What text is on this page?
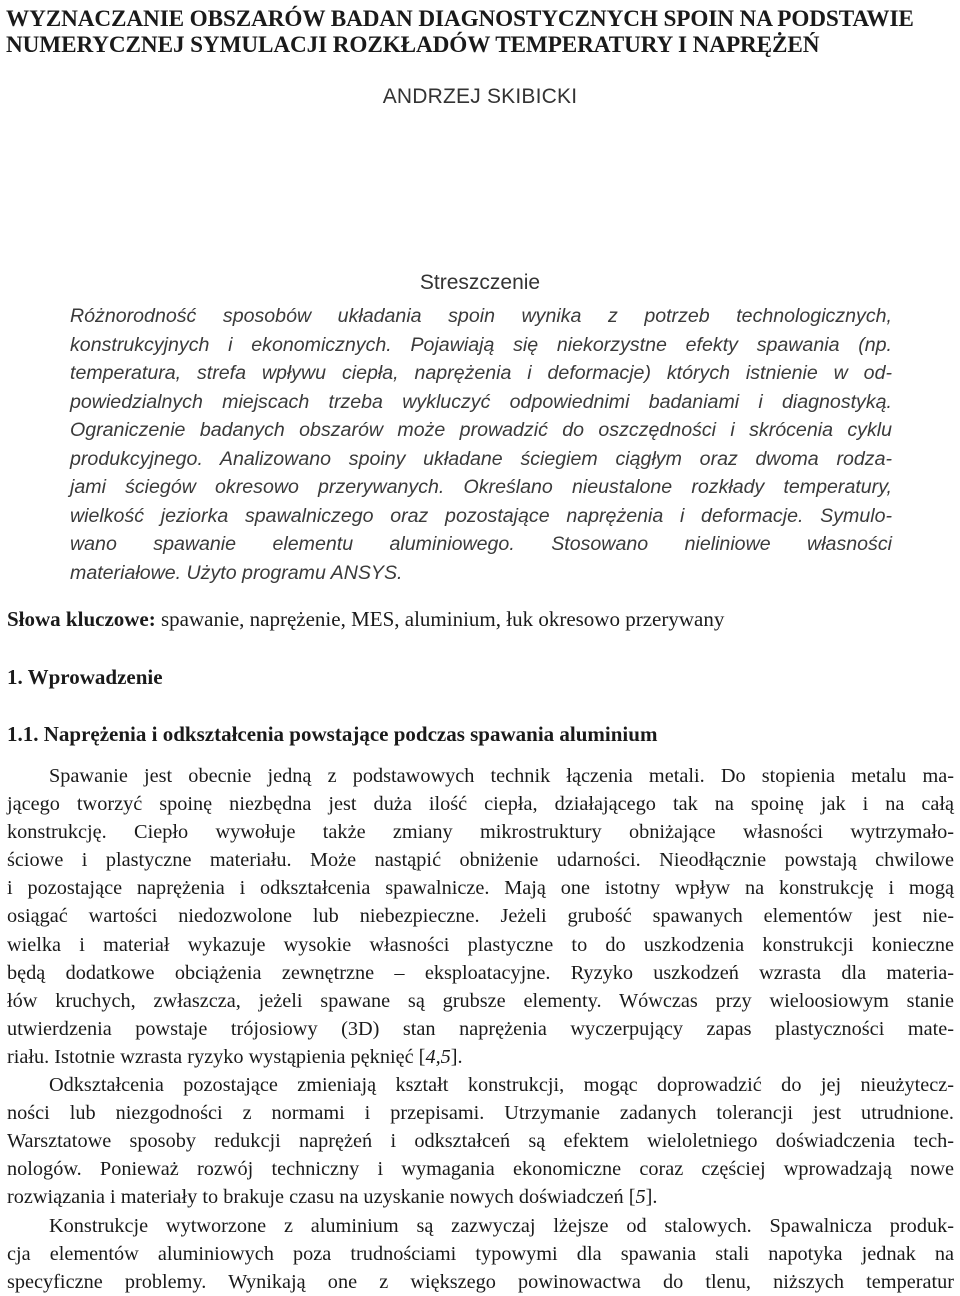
WYZNACZANIE OBSZARÓW BADAN DIAGNOSTYCZNYCH SPOIN NA PODSTAWIE
NUMERYCZNEJ SYMULACJI ROZKŁADÓW TEMPERATURY I NAPRĘŻEŃ
ANDRZEJ SKIBICKI
Streszczenie
Różnorodność sposobów układania spoin wynika z potrzeb technologicznych,
konstrukcyjnych i ekonomicznych. Pojawiają się niekorzystne efekty spawania (np.
temperatura, strefa wpływu ciepła, naprężenia i deformacje) których istnienie w od-
powiedzialnych miejscach trzeba wykluczyć odpowiednimi badaniami i diagnostyką.
Ograniczenie badanych obszarów może prowadzić do oszczędności i skrócenia cyklu
produkcyjnego. Analizowano spoiny układane ściegiem ciągłym oraz dwoma rodza-
jami ściegów okresowo przerywanych. Określano nieustalone rozkłady temperatury,
wielkość jeziorka spawalniczego oraz pozostające naprężenia i deformacje. Symulo-
wano spawanie elementu aluminiowego. Stosowano nieliniowe własności
materiałowe. Użyto programu ANSYS.
Słowa kluczowe: spawanie, naprężenie, MES, aluminium, łuk okresowo przerywany
1. Wprowadzenie
1.1. Naprężenia i odkształcenia powstające podczas spawania aluminium
Spawanie jest obecnie jedną z podstawowych technik łączenia metali. Do stopienia metalu ma-
jącego tworzyć spoinę niezbędna jest duża ilość ciepła, działającego tak na spoinę jak i na całą
konstrukcję. Ciepło wywołuje także zmiany mikrostruktury obniżające własności wytrzymało-
ściowe i plastyczne materiału. Może nastąpić obniżenie udarności. Nieodłącznie powstają chwilowe
i pozostające naprężenia i odkształcenia spawalnicze. Mają one istotny wpływ na konstrukcję i mogą
osiągać wartości niedozwolone lub niebezpieczne. Jeżeli grubość spawanych elementów jest nie-
wielka i materiał wykazuje wysokie własności plastyczne to do uszkodzenia konstrukcji konieczne
będą dodatkowe obciążenia zewnętrzne – eksploatacyjne. Ryzyko uszkodzeń wzrasta dla materia-
łów kruchych, zwłaszcza, jeżeli spawane są grubsze elementy. Wówczas przy wieloosiowym stanie
utwierdzenia powstaje trójosiowy (3D) stan naprężenia wyczerpujący zapas plastyczności mate-
riału. Istotnie wzrasta ryzyko wystąpienia pęknięć [4,5].
Odkształcenia pozostające zmieniają kształt konstrukcji, mogąc doprowadzić do jej nieużytecz-
ności lub niezgodności z normami i przepisami. Utrzymanie zadanych tolerancji jest utrudnione.
Warsztatowe sposoby redukcji naprężeń i odkształceń są efektem wieloletniego doświadczenia tech-
nologów. Ponieważ rozwój techniczny i wymagania ekonomiczne coraz częściej wprowadzają nowe
rozwiązania i materiały to brakuje czasu na uzyskanie nowych doświadczeń [5].
Konstrukcje wytworzone z aluminium są zazwyczaj lżejsze od stalowych. Spawalnicza produk-
cja elementów aluminiowych poza trudnościami typowymi dla spawania stali napotyka jednak na
specyficzne problemy. Wynikają one z większego powinowactwa do tlenu, niższych temperatur
